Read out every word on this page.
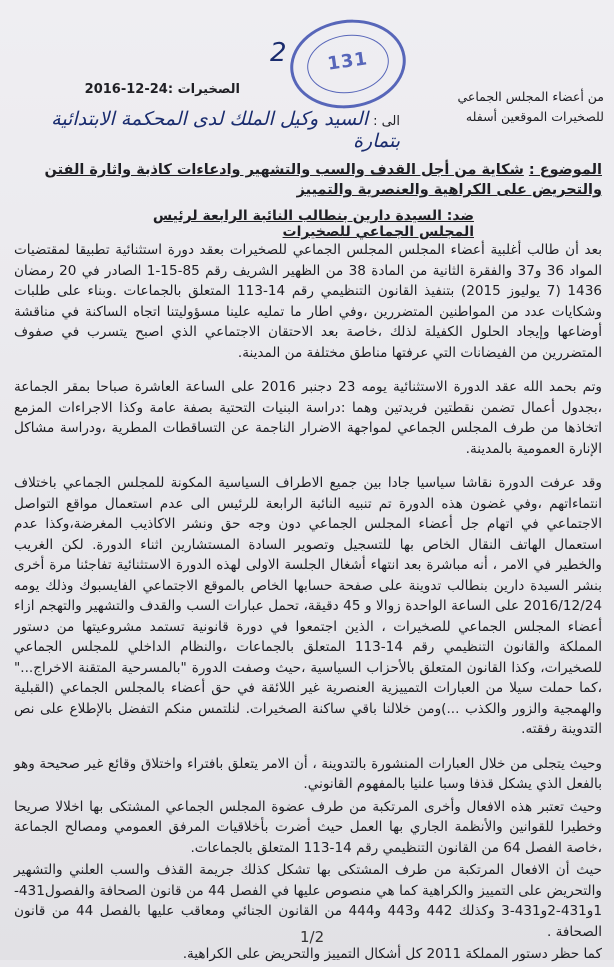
131
2
من أعضاء المجلس الجماعي
للصخيرات الموقعين أسفله
الصخيرات :24-12-2016
الى : السيد وكيل الملك لدى المحكمة الابتدائية بتمارة
الموضوع : شكاية من أجل القدف والسب والتشهير وادعاءات كاذبة واثارة الفتن والتحريض على الكراهية والعنصرية والتمييز
ضد: السيدة دارين بنطالب النائبة الرابعة لرئيس المجلس الجماعي للصخيرات

بعد أن طالب أغلبية أعضاء المجلس المجلس الجماعي للصخيرات بعقد دورة استثنائية تطبيقا لمقتضيات المواد 36 و37 والفقرة الثانية من المادة 38 من الظهير الشريف رقم 85-15-1 الصادر في 20 رمضان 1436 (7 يوليوز 2015) بتنفيذ القانون التنظيمي رقم 14-113 المتعلق بالجماعات .وبناء على طلبات وشكايات عدد من المواطنين المتضررين ،وفي اطار ما تمليه علينا مسؤوليتنا اتجاه الساكنة في مناقشة أوضاعها وإيجاد الحلول الكفيلة لذلك ،خاصة بعد الاحتقان الاجتماعي الذي اصبح يتسرب في صفوف المتضررين من الفيضانات التي عرفتها مناطق مختلفة من المدينة.

وتم بحمد الله عقد الدورة الاستثنائية يومه 23 دجنبر 2016 على الساعة العاشرة صباحا بمقر الجماعة ،بجدول أعمال تضمن نقطتين فريدتين وهما :دراسة البنيات التحتية بصفة عامة وكذا الاجراءات المزمع اتخاذها من طرف المجلس الجماعي لمواجهة الاضرار الناجمة عن التساقطات المطرية ،ودراسة مشاكل الإنارة العمومية بالمدينة.

وقد عرفت الدورة نقاشا سياسيا جادا بين جميع الاطراف السياسية المكونة للمجلس الجماعي باختلاف انتماءاتهم ،وفي غضون هذه الدورة تم تنبيه النائبة الرابعة للرئيس الى عدم استعمال مواقع التواصل الاجتماعي في اتهام جل أعضاء المجلس الجماعي دون وجه حق ونشر الاكاذيب المغرضة،وكذا عدم استعمال الهاتف النقال الخاص بها للتسجيل وتصوير السادة المستشارين اثناء الدورة. لكن الغريب والخطير في الامر ، أنه مباشرة بعد انتهاء أشغال الجلسة الاولى لهذه الدورة الاستثنائية تفاجئنا مرة أخرى بنشر السيدة دارين بنطالب تدوينة على صفحة حسابها الخاص بالموقع الاجتماعي الفايسبوك وذلك يومه 2016/12/24 على الساعة الواحدة زوالا و 45 دقيقة، تحمل عبارات السب والقدف والتشهير والتهجم ازاء أعضاء المجلس الجماعي للصخيرات ، الذين اجتمعوا في دورة قانونية تستمد مشروعيتها من دستور المملكة والقانون التنظيمي رقم 14-113 المتعلق بالجماعات ،والنظام الداخلي للمجلس الجماعي للصخيرات، وكذا القانون المتعلق بالأحزاب السياسية ،حيث وصفت الدورة "بالمسرحية المتقنة الاخراج..." ،كما حملت سيلا من العبارات التمييزية العنصرية غير اللائقة في حق أعضاء بالمجلس الجماعي (القبلية والهمجية والزور والكذب ...)ومن خلالنا باقي ساكنة الصخيرات. لنلتمس منكم التفضل بالإطلاع على نص التدوينة رفقته.

وحيث يتجلى من خلال العبارات المنشورة بالتدوينة ، أن الامر يتعلق بافتراء واختلاق وقائع غير صحيحة وهو بالفعل الذي يشكل قذفا وسبا علنيا بالمفهوم القانوني.

وحيث تعتبر هذه الافعال وأخرى المرتكبة من طرف عضوة المجلس الجماعي المشتكى بها اخلالا صريحا وخطيرا للقوانين والأنظمة الجاري بها العمل حيث أضرت بأخلاقيات المرفق العمومي ومصالح الجماعة ،خاصة الفصل 64 من القانون التنظيمي رقم 14-113 المتعلق بالجماعات.

حيث أن الافعال المرتكبة من طرف المشتكى بها تشكل كذلك جريمة القذف والسب العلني والتشهير والتحريض على التمييز والكراهية كما هي منصوص عليها في الفصل 44 من قانون الصحافة والفصول431-1و431-2و431-3 وكذلك 442 و443 و444 من القانون الجنائي ومعاقب عليها بالفصل 44 من قانون الصحافة .

كما حظر دستور المملكة 2011 كل أشكال التمييز والتحريض على الكراهية.

1/2
